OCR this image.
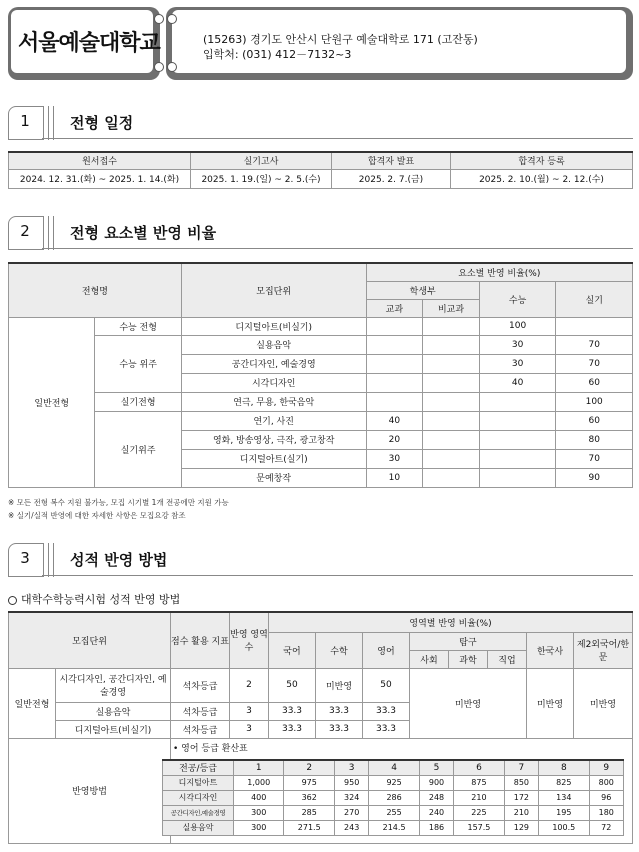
서울예술대학교	(15263) 경기도 안산시 단원구 예술대학로 171 (고잔동)
입학처: (031) 412－7132~3
1	전형 일정
원서접수	실기고사	합격자 발표	합격자 등록
2024. 12. 31.(화) ~ 2025. 1. 14.(화)	2025. 1. 19.(일) ~ 2. 5.(수)	2025. 2. 7.(금)	2025. 2. 10.(월) ~ 2. 12.(수)
2	전형 요소별 반영 비율
전형명		모집단위	요소별 반영 비율(%)			
			학생부		수능	실기
			교과	비교과		
일반전형	수능 전형	디지털아트(비실기)			100	
	수능 위주	실용음악			30	70
		공간디자인, 예술경영			30	70
		시각디자인			40	60
	실기전형	연극, 무용, 한국음악				100
	실기위주	연기, 사진	40			60
		영화, 방송영상, 극작, 광고창작	20			80
		디지털아트(실기)	30			70
		문예창작	10			90
※ 모든 전형 복수 지원 불가능, 모집 시기별 1개 전공에만 지원 가능
※ 실기/실적 반영에 대한 자세한 사항은 모집요강 참조
3	성적 반영 방법
대학수학능력시험 성적 반영 방법
모집단위		점수 활용 지표	반영 영역수	영역별 반영 비율(%)							
				국어	수학	영어	탐구			한국사	제2외국어/한문
							사회	과학	직업		
일반전형	시각디자인, 공간디자인, 예술경영	석차등급	2	50	미반영	50	미반영			미반영	미반영
	실용음악	석차등급	3	33.3	33.3	33.3					
	디지털아트(비실기)	석차등급	3	33.3	33.3	33.3					
반영방법		• 영어 등급 환산표									
전공/등급	1	2	3	4	5	6	7	8	9
디지털아트	1,000	975	950	925	900	875	850	825	800
시각디자인	400	362	324	286	248	210	172	134	96
공간디자인,예술경영	300	285	270	255	240	225	210	195	180
실용음악	300	271.5	243	214.5	186	157.5	129	100.5	72
